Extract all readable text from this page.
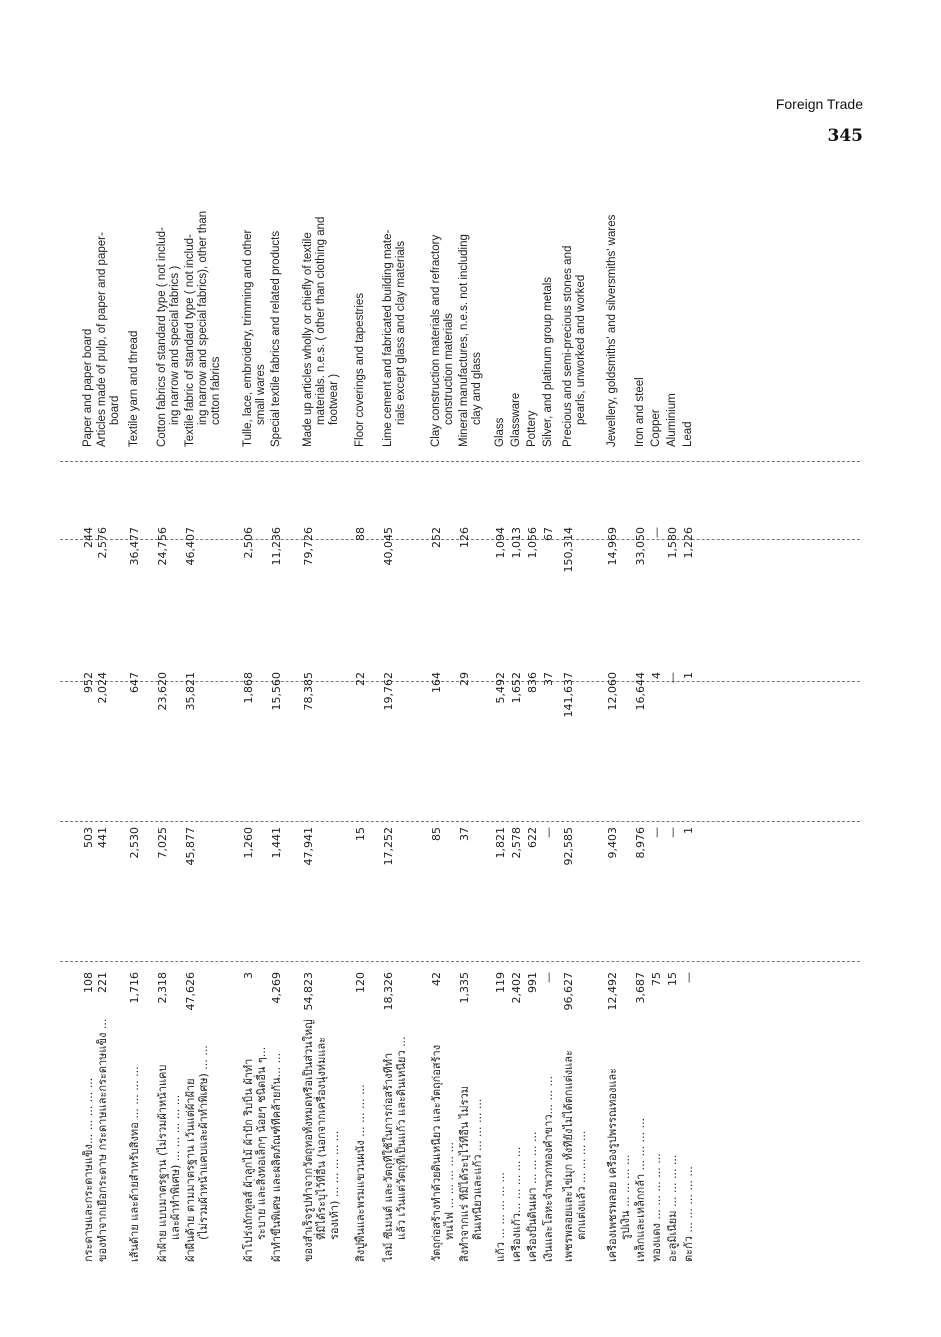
Foreign Trade
345
กระดาษและกระดาษแข็ง... ... ... ... ...
108
503
952
244
Paper and paper board
ของทำจากเยื่อกระดาษ กระดาษและกระดาษแข็ง ...
221
441
2,024
2,576
Articles made of pulp, of paper and paper- board
เส้นด้าย และด้ายสำหรับสิ่งทอ ... ... ... ...
1,716
2,530
647
36,477
Textile yarn and thread
ผ้าฝ้าย แบบมาตรฐาน (ไม่รวมผ้าหน้าแคบ และผ้าทำพิเศษ) ... ... ... ... ...
2,318
7,025
23,620
24,756
Cotton fabrics of standard type ( not includ- ing narrow and special fabrics )
ผ้าผืนด้าย ตามมาตรฐาน เว้นแต่ผ้าฝ้าย (ไม่รวมผ้าหน้าแคบและผ้าทำพิเศษ) ... ...
47,626
45,877
35,821
46,407
Textile fabric of standard type ( not includ- ing narrow and special fabrics), other than cotton fabrics
ผ้าโปร่งถักทูลส์ ผ้าลูกไม้ ผ้าปัก ริบบิ้น ผ้าทำ ระบาย และสิ่งทอเล็กๆ น้อยๆ ชนิดอื่น ๆ...
3
1,260
1,868
2,506
Tulle, lace, embroidery, trimming and other small wares
ผ้าทำขึ้นพิเศษ และผลิตภัณฑ์ที่คล้ายกัน... ...
4,269
1,441
15,560
11,236
Special textile fabrics and related products
ของสำเร็จรูปทำจากวัตถุทอทั้งหมดหรือเป็นส่วนใหญ่ ที่มิได้ระบุไว้ที่อื่น (นอกจากเครื่องนุ่งห่มและ รองเท้า) ... ... ... ... ...
54,823
47,941
78,385
79,726
Made up articles wholly or chiefly of textile materials. n.e.s. ( other than clothing and footwear )
สิ่งปูพื้นและพรมแขวนผนัง ... ... ... ...
120
15
22
88
Floor coverings and tapestries
ไลม์ ซีเมนต์ และวัตถุที่ใช้ในการก่อสร้างที่ทำ แล้ว เว้นแต่วัตถุที่เป็นแก้ว และดินเหนียว ...
18,326
17,252
19,762
40,045
Lime cement and fabricated building mate- rials except glass and clay materials
วัตถุก่อสร้างทำด้วยดินเหนียว และวัตถุก่อสร้าง ทนไฟ ... ... ... ... ...
42
85
164
252
Clay construction materials and refractory construction materials
สิ่งทำจากแร่ ที่มิได้ระบุไว้ที่อื่น ไม่รวม ดินเหนียวและแก้ว ... ... ... ...
1,335
37
29
126
Mineral manufactures, n.e.s. not including clay and glass
แก้ว ... ... ... ... ...
119
1,821
5,492
1,094
Glass
เครื่องแก้ว... ... ... ... ...
2,402
2,578
1,652
1,013
Glassware
เครื่องปั้นดินเผา ... ... ... ...
991
622
836
1,056
Pottery
เงินและโลหะจำพวกทองคำขาว... ... ...
—
—
37
67
Silver, and platinum group metals
เพชรพลอยและไข่มุก ทั้งที่ยังไม่ได้ตกแต่งและ ตกแต่งแล้ว ... ... ... ...
96,627
92,585
141,637
150,314
Precious and semi-precious stones and pearls, unworked and worked
เครื่องเพชรพลอย เครื่องรูปพรรณทองและ รูปเงิน ... ... ... ...
12,492
9,403
12,060
14,969
Jewellery, goldsmiths' and silversmiths' wares
เหล็กและเหล็กกล้า ... ... ... ...
3,687
8,976
16,644
33,050
Iron and steel
ทองแดง ... ... ... ... ...
75
—
4
—
Copper
อะลูมิเนียม ... ... ... ...
15
—
—
1,580
Aluminium
ตะกั่ว ... ... ... ... ...
—
1
1
1,226
Lead
